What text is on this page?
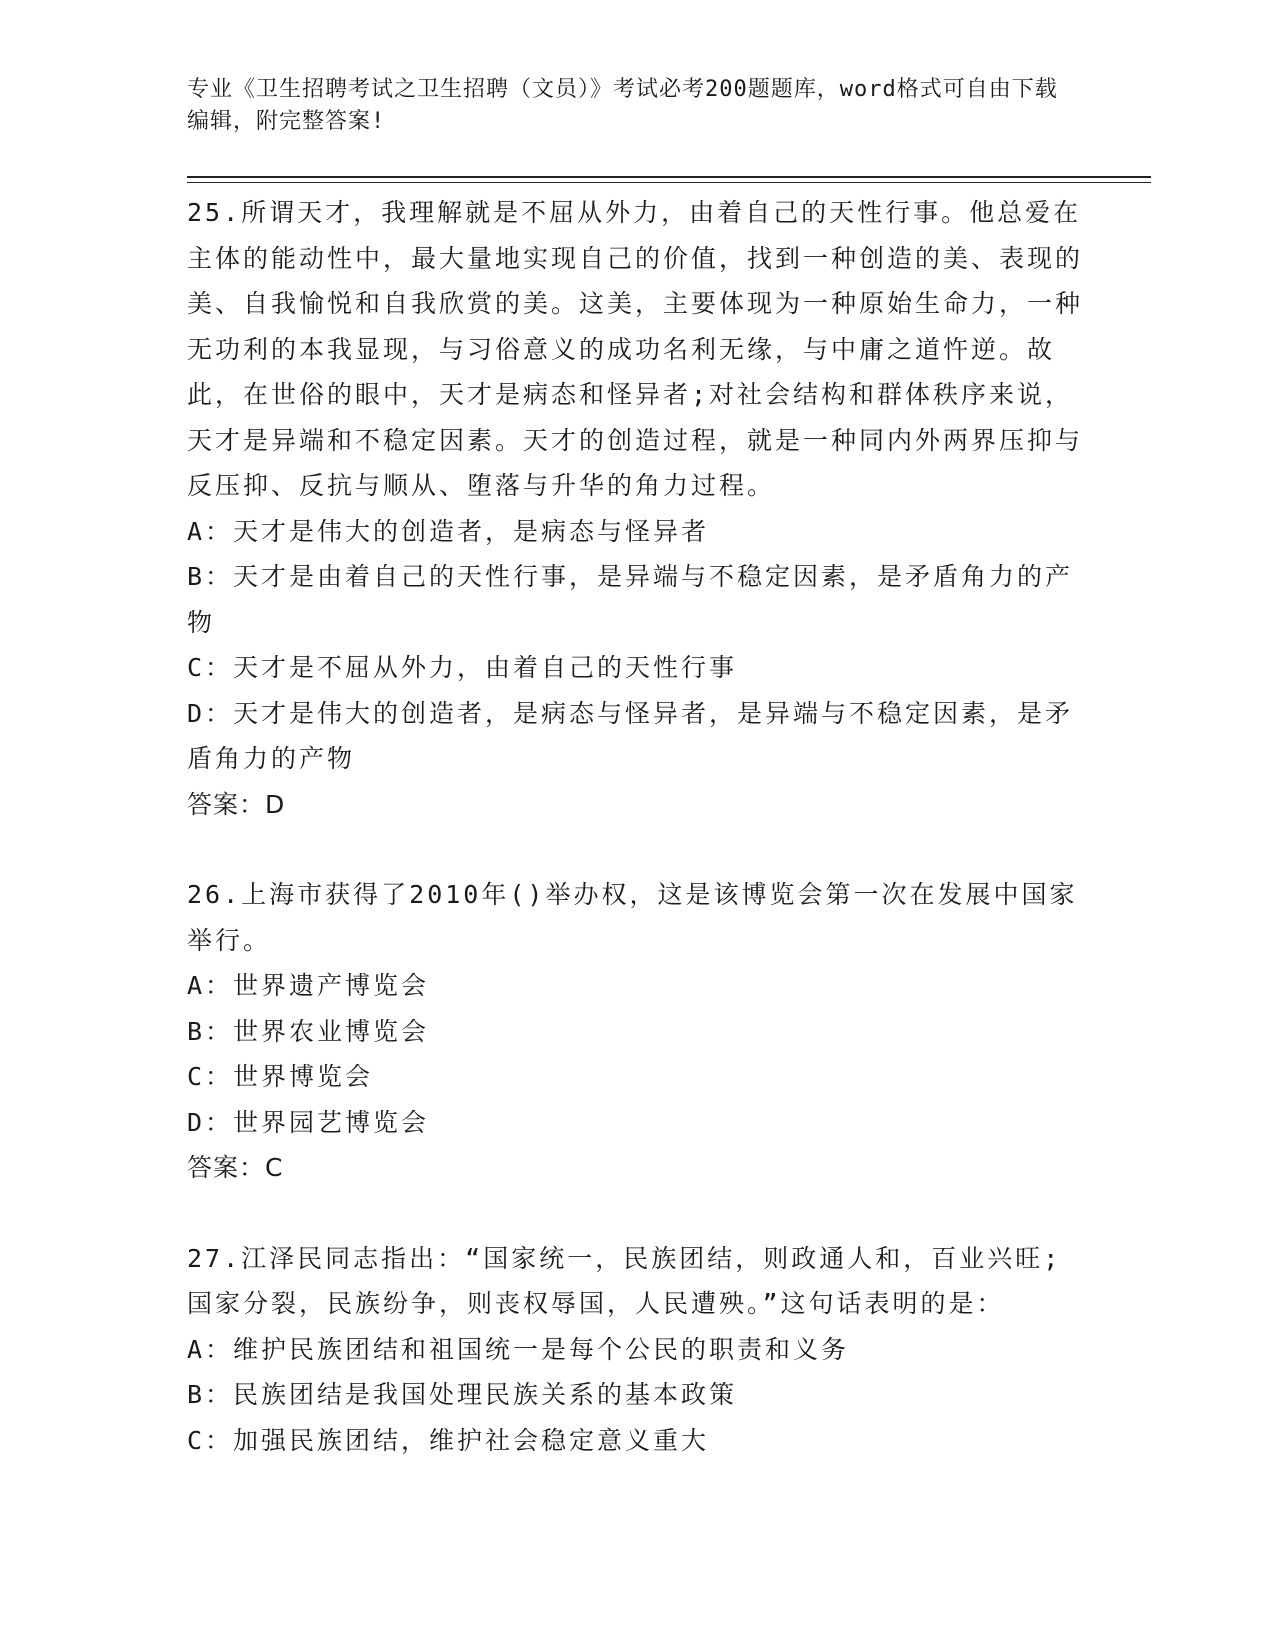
专业《卫生招聘考试之卫生招聘（文员）》考试必考200题题库，word格式可自由下载编辑，附完整答案!

25.所谓天才，我理解就是不屈从外力，由着自己的天性行事。他总爱在主体的能动性中，最大量地实现自己的价值，找到一种创造的美、表现的美、自我愉悦和自我欣赏的美。这美，主要体现为一种原始生命力，一种无功利的本我显现，与习俗意义的成功名利无缘，与中庸之道忤逆。故此，在世俗的眼中，天才是病态和怪异者;对社会结构和群体秩序来说，天才是异端和不稳定因素。天才的创造过程，就是一种同内外两界压抑与反压抑、反抗与顺从、堕落与升华的角力过程。

A：天才是伟大的创造者，是病态与怪异者

B：天才是由着自己的天性行事，是异端与不稳定因素，是矛盾角力的产物

C：天才是不屈从外力，由着自己的天性行事

D：天才是伟大的创造者，是病态与怪异者，是异端与不稳定因素，是矛盾角力的产物

答案：D

26.上海市获得了2010年()举办权，这是该博览会第一次在发展中国家举行。

A：世界遗产博览会

B：世界农业博览会

C：世界博览会

D：世界园艺博览会

答案：C

27.江泽民同志指出：“国家统一，民族团结，则政通人和，百业兴旺;国家分裂，民族纷争，则丧权辱国，人民遭殃。”这句话表明的是：

A：维护民族团结和祖国统一是每个公民的职责和义务

B：民族团结是我国处理民族关系的基本政策

C：加强民族团结，维护社会稳定意义重大
